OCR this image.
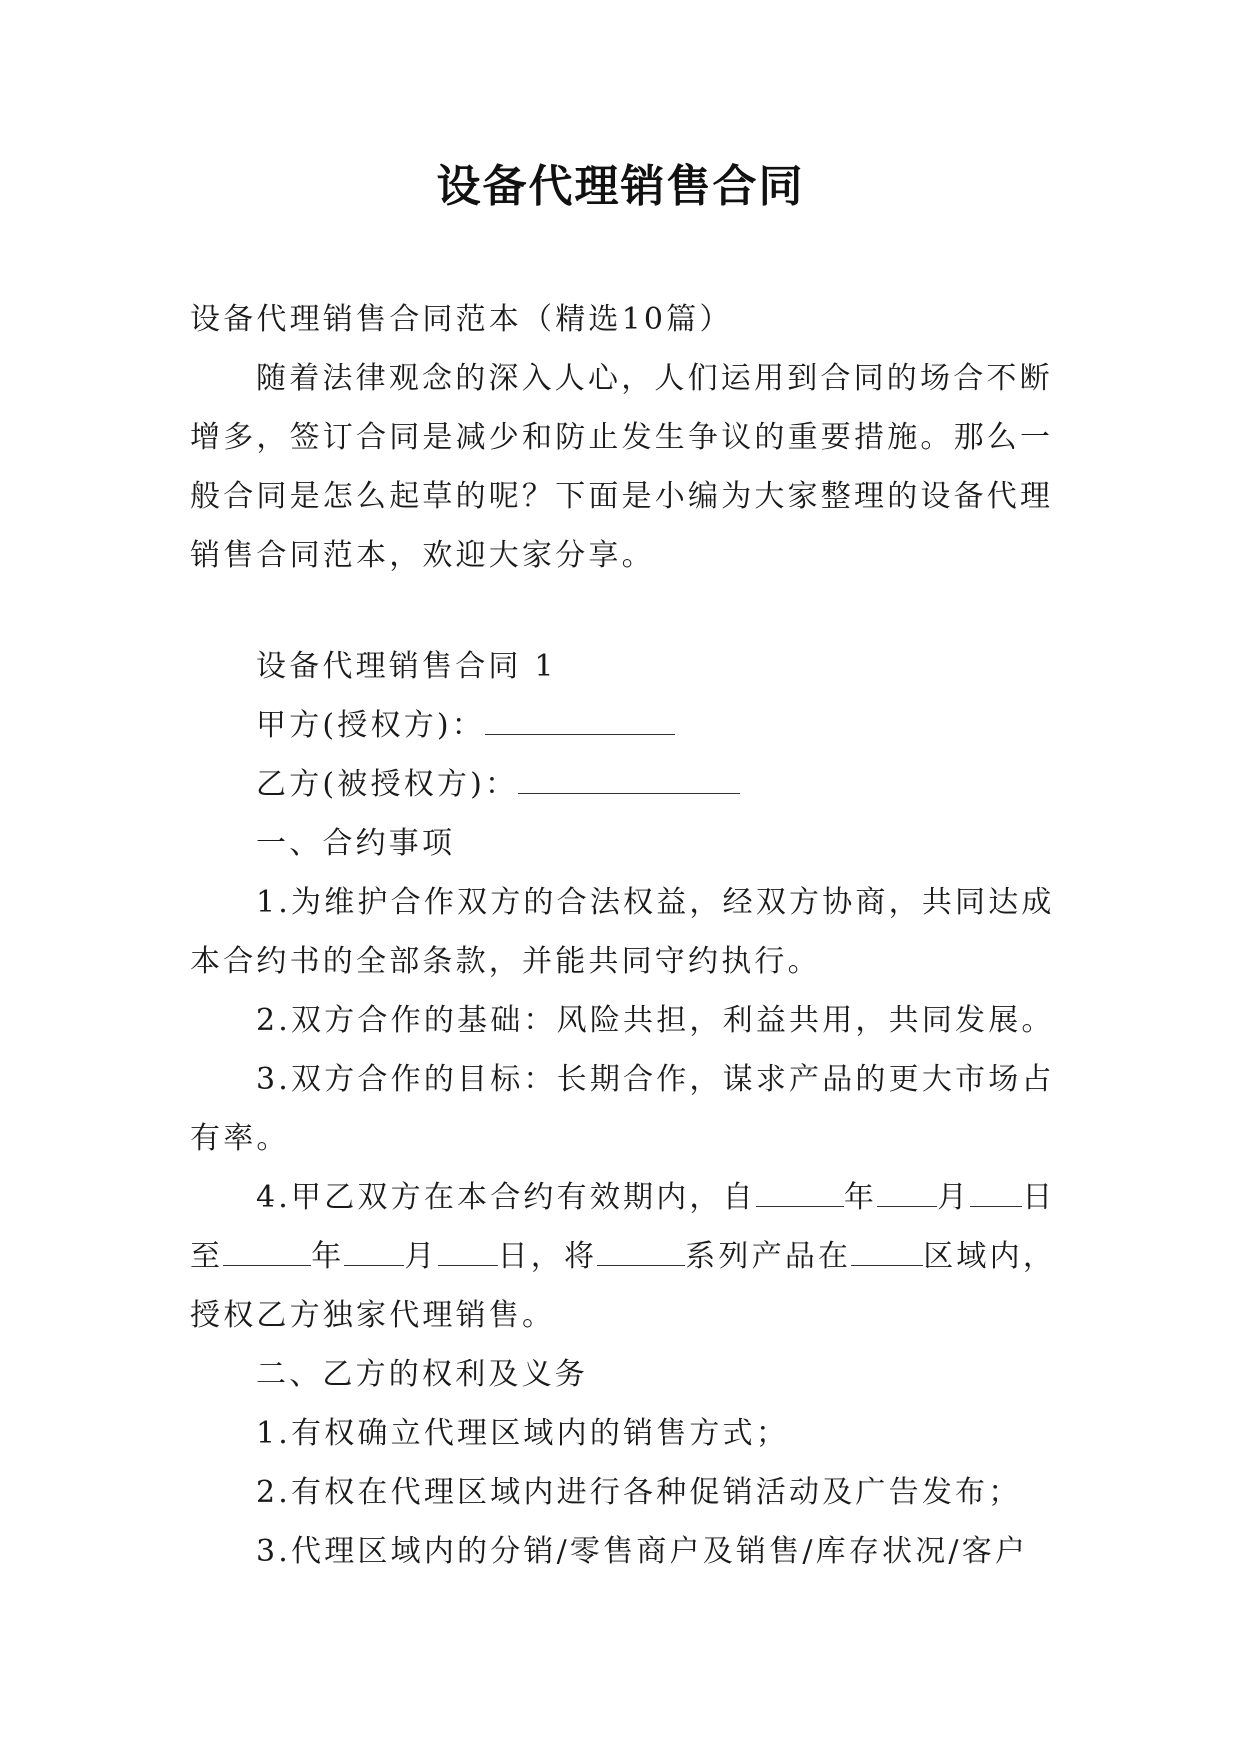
设备代理销售合同

设备代理销售合同范本（精选10篇）

随着法律观念的深入人心，人们运用到合同的场合不断增多，签订合同是减少和防止发生争议的重要措施。那么一般合同是怎么起草的呢？下面是小编为大家整理的设备代理销售合同范本，欢迎大家分享。

设备代理销售合同 1

甲方(授权方)：

乙方(被授权方)：

一、合约事项

1.为维护合作双方的合法权益，经双方协商，共同达成本合约书的全部条款，并能共同守约执行。

2.双方合作的基础：风险共担，利益共用，共同发展。

3.双方合作的目标：长期合作，谋求产品的更大市场占有率。

4.甲乙双方在本合约有效期内，自	年 月 日至	年 月 日，将	系列产品在 区域内，授权乙方独家代理销售。

二、乙方的权利及义务

1.有权确立代理区域内的销售方式；

2.有权在代理区域内进行各种促销活动及广告发布；

3.代理区域内的分销/零售商户及销售/库存状况/客户
